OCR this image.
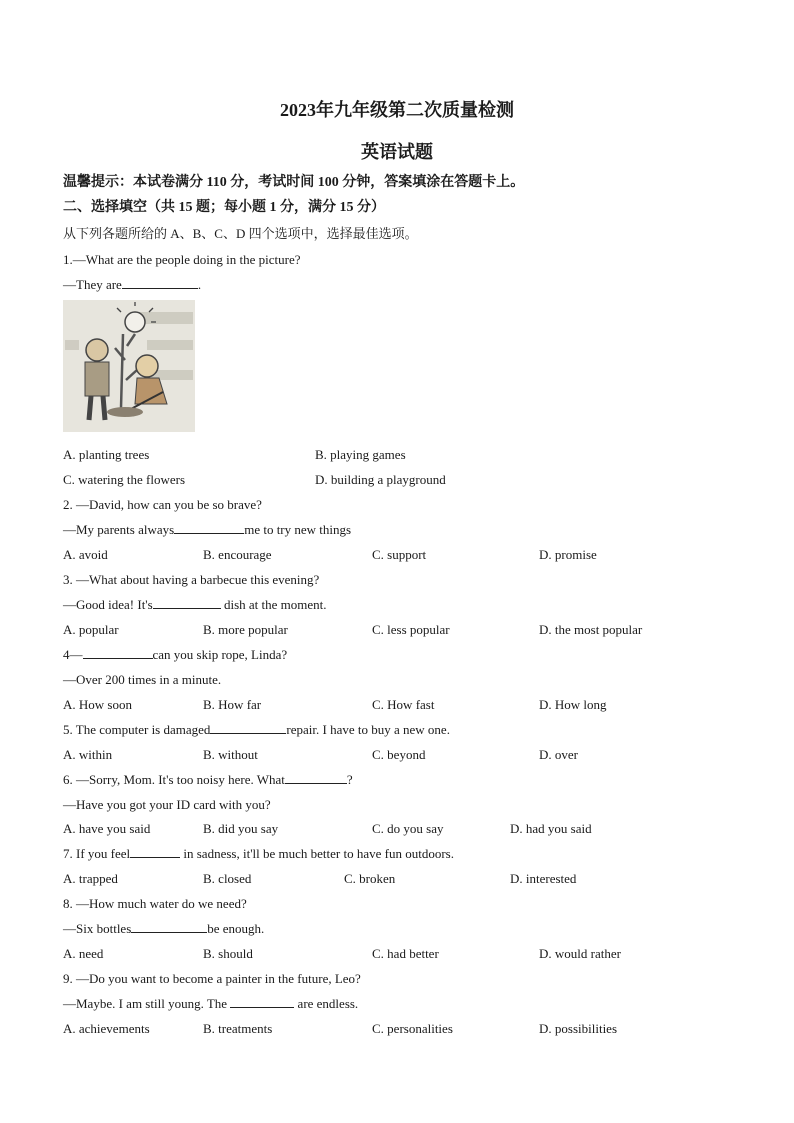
2023年九年级第二次质量检测
英语试题
温馨提示：本试卷满分 110 分，考试时间 100 分钟，答案填涂在答题卡上。
二、选择填空（共 15 题；每小题 1 分，满分 15 分）
从下列各题所给的 A、B、C、D 四个选项中，选择最佳选项。
1.—What are the people doing in the picture?
—They are	.
A. planting trees	B. playing games
C. watering the flowers	D. building a playground
2. —David, how can you be so brave?
—My parents always	me to try new things
A. avoid	B. encourage	C. support	D. promise
3. —What about having a barbecue this evening?
—Good idea! It's	dish at the moment.
A. popular	B. more popular	C. less popular	D. the most popular
4—	can you skip rope, Linda?
—Over 200 times in a minute.
A. How soon	B. How far	C. How fast	D. How long
5. The computer is damaged	repair. I have to buy a new one.
A. within	B. without	C. beyond	D. over
6. —Sorry, Mom. It's too noisy here. What	?
—Have you got your ID card with you?
A. have you said	B. did you say	C. do you say	D. had you said
7. If you feel	in sadness, it'll be much better to have fun outdoors.
A. trapped	B. closed	C. broken	D. interested
8. —How much water do we need?
—Six bottles	be enough.
A. need	B. should	C. had better	D. would rather
9. —Do you want to become a painter in the future, Leo?
—Maybe. I am still young. The	are endless.
A. achievements	B. treatments	C. personalities	D. possibilities
